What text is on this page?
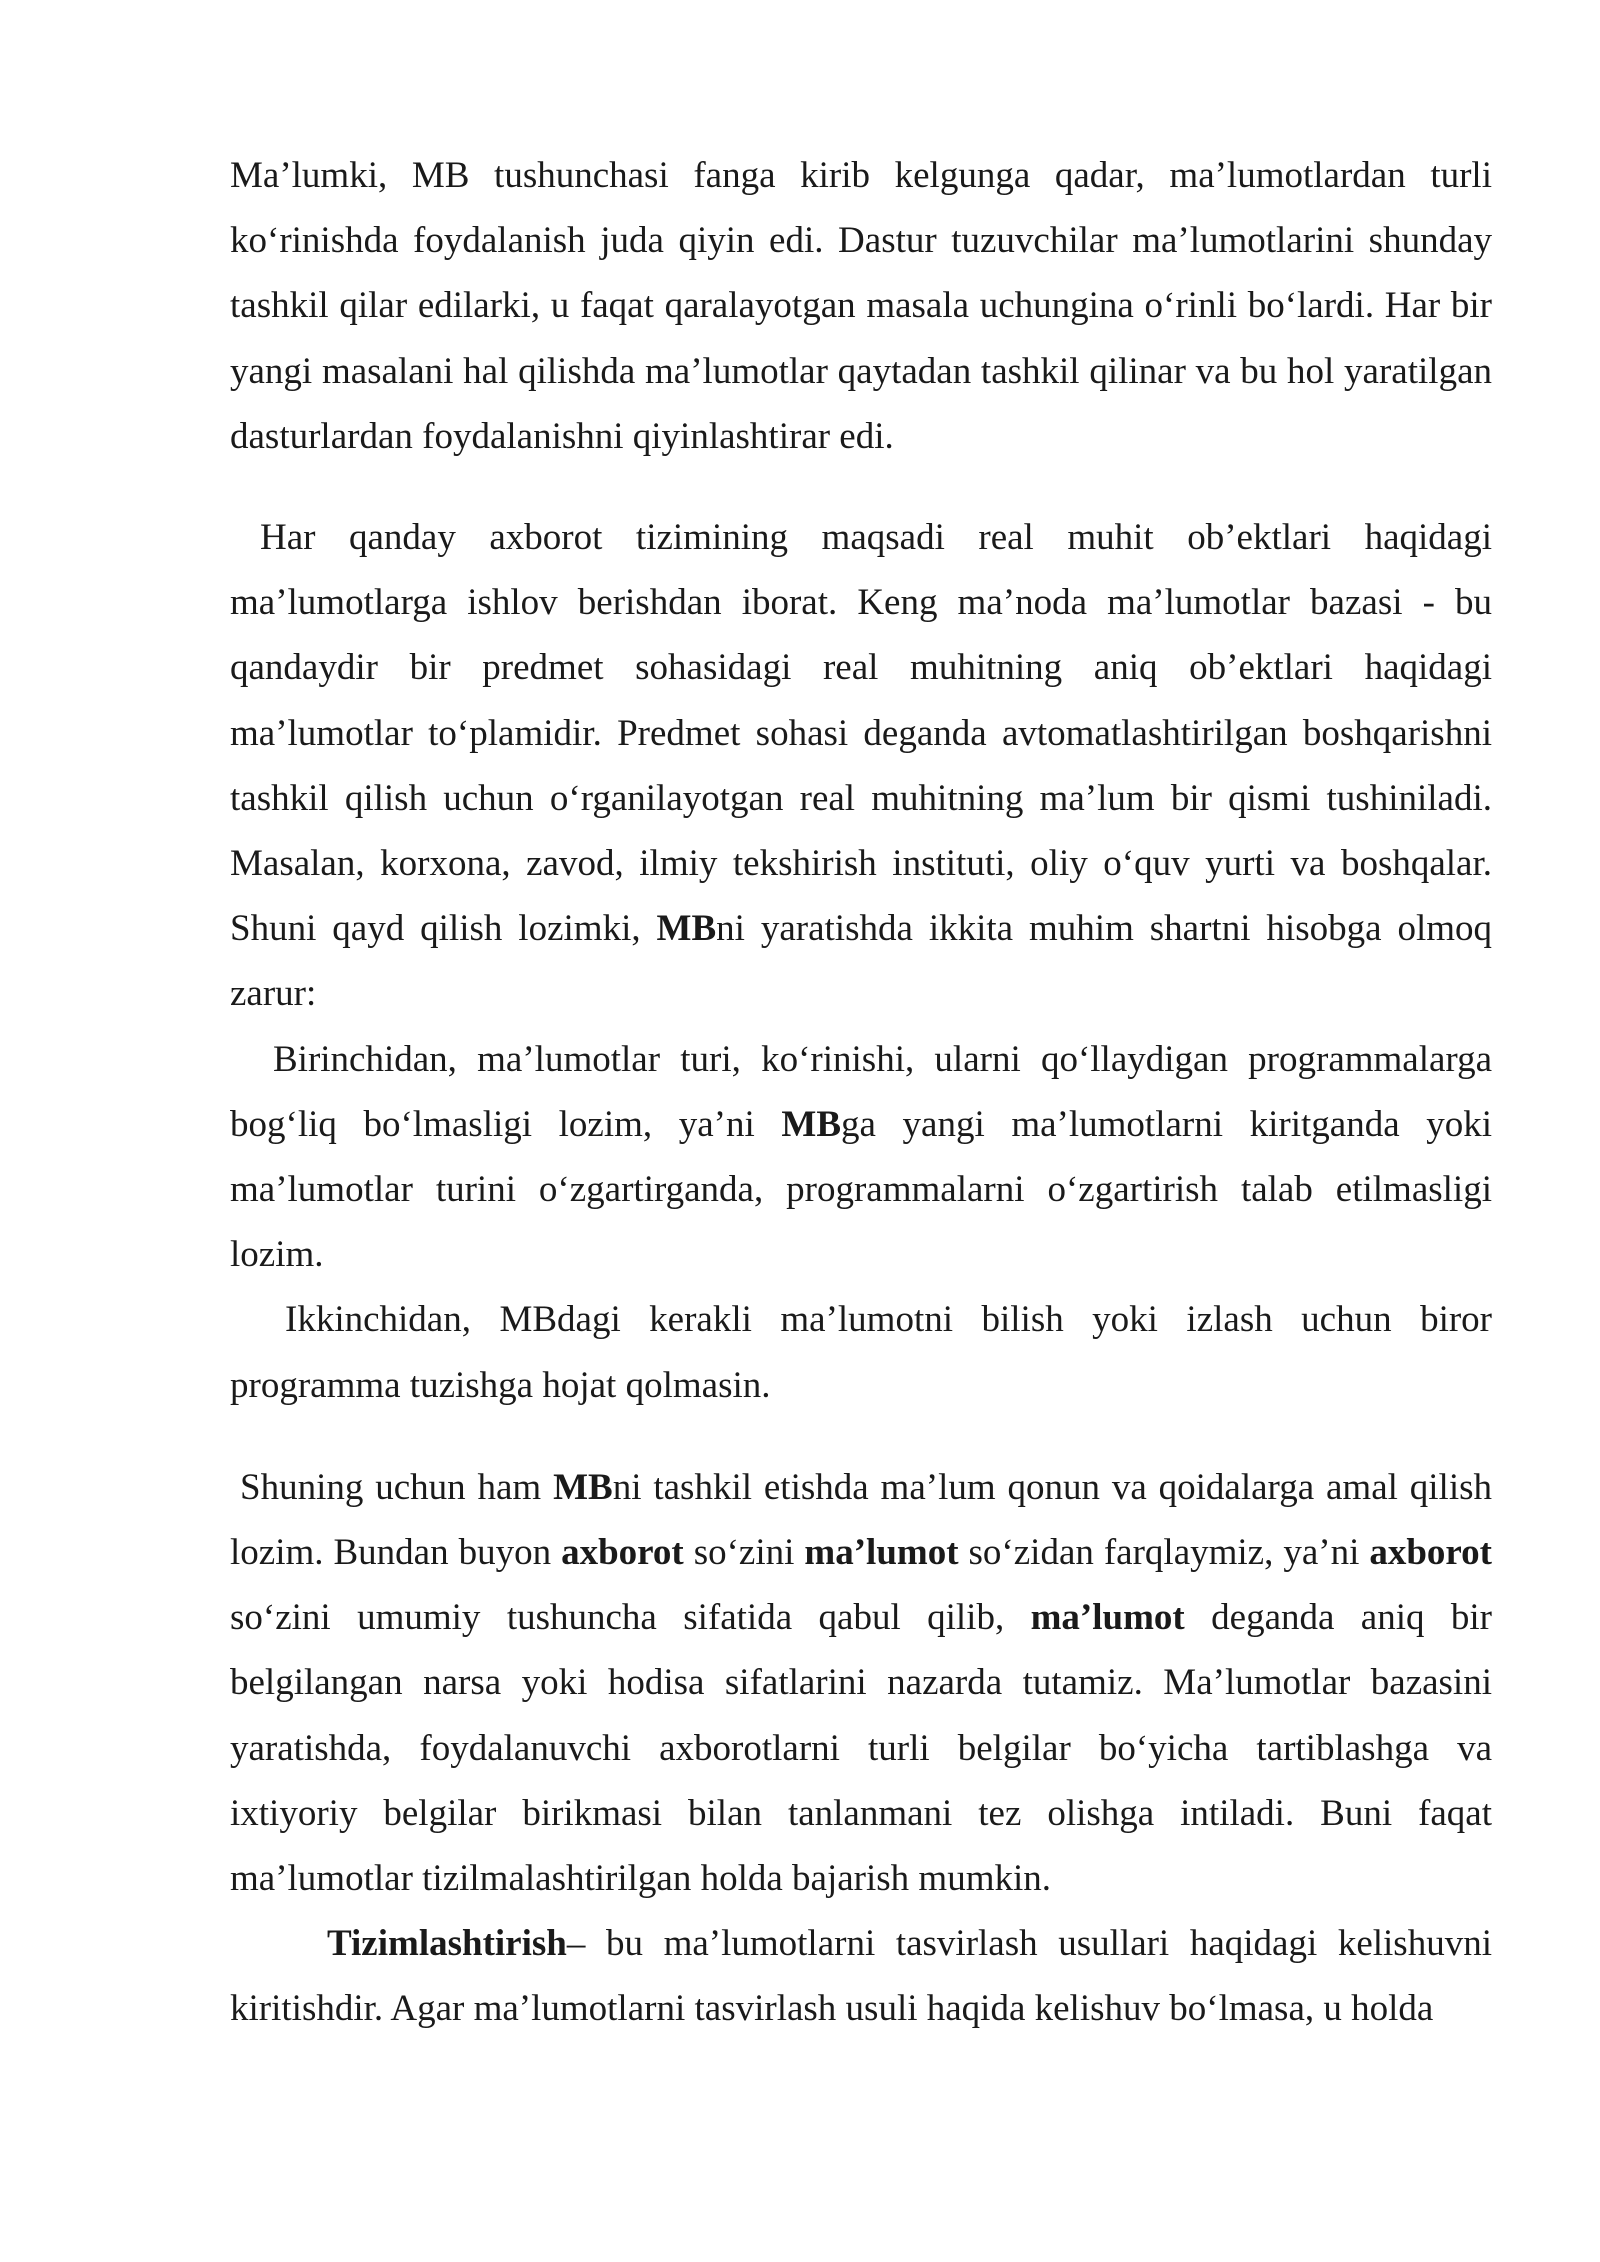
Ma’lumki, MB tushunchasi fanga kirib kelgunga qadar, ma’lumotlardan turli ko‘rinishda foydalanish juda qiyin edi. Dastur tuzuvchilar ma’lumotlarini shunday tashkil qilar edilarki, u faqat qaralayotgan masala uchungina o‘rinli bo‘lardi. Har bir yangi masalani hal qilishda ma’lumotlar qaytadan tashkil qilinar va bu hol yaratilgan dasturlardan foydalanishni qiyinlashtirar edi.

Har qanday axborot tizimining maqsadi real muhit ob’ektlari haqidagi ma’lumotlarga ishlov berishdan iborat. Keng ma’noda ma’lumotlar bazasi - bu qandaydir bir predmet sohasidagi real muhitning aniq ob’ektlari haqidagi ma’lumotlar to‘plamidir. Predmet sohasi deganda avtomatlashtirilgan boshqarishni tashkil qilish uchun o‘rganilayotgan real muhitning ma’lum bir qismi tushiniladi. Masalan, korxona, zavod, ilmiy tekshirish instituti, oliy o‘quv yurti va boshqalar. Shuni qayd qilish lozimki, MBni yaratishda ikkita muhim shartni hisobga olmoq zarur:

Birinchidan, ma’lumotlar turi, ko‘rinishi, ularni qo‘llaydigan programmalarga bog‘liq bo‘lmasligi lozim, ya’ni MBga yangi ma’lumotlarni kiritganda yoki ma’lumotlar turini o‘zgartirganda, programmalarni o‘zgartirish talab etilmasligi lozim.

Ikkinchidan, MBdagi kerakli ma’lumotni bilish yoki izlash uchun biror programma tuzishga hojat qolmasin.

Shuning uchun ham MBni tashkil etishda ma’lum qonun va qoidalarga amal qilish lozim. Bundan buyon axborot so‘zini ma’lumot so‘zidan farqlaymiz, ya’ni axborot so‘zini umumiy tushuncha sifatida qabul qilib, ma’lumot deganda aniq bir belgilangan narsa yoki hodisa sifatlarini nazarda tutamiz. Ma’lumotlar bazasini yaratishda, foydalanuvchi axborotlarni turli belgilar bo‘yicha tartiblashga va ixtiyoriy belgilar birikmasi bilan tanlanmani tez olishga intiladi. Buni faqat ma’lumotlar tizilmalashtirilgan holda bajarish mumkin.

Tizimlashtirish– bu ma’lumotlarni tasvirlash usullari haqidagi kelishuvni kiritishdir. Agar ma’lumotlarni tasvirlash usuli haqida kelishuv bo‘lmasa, u holda
